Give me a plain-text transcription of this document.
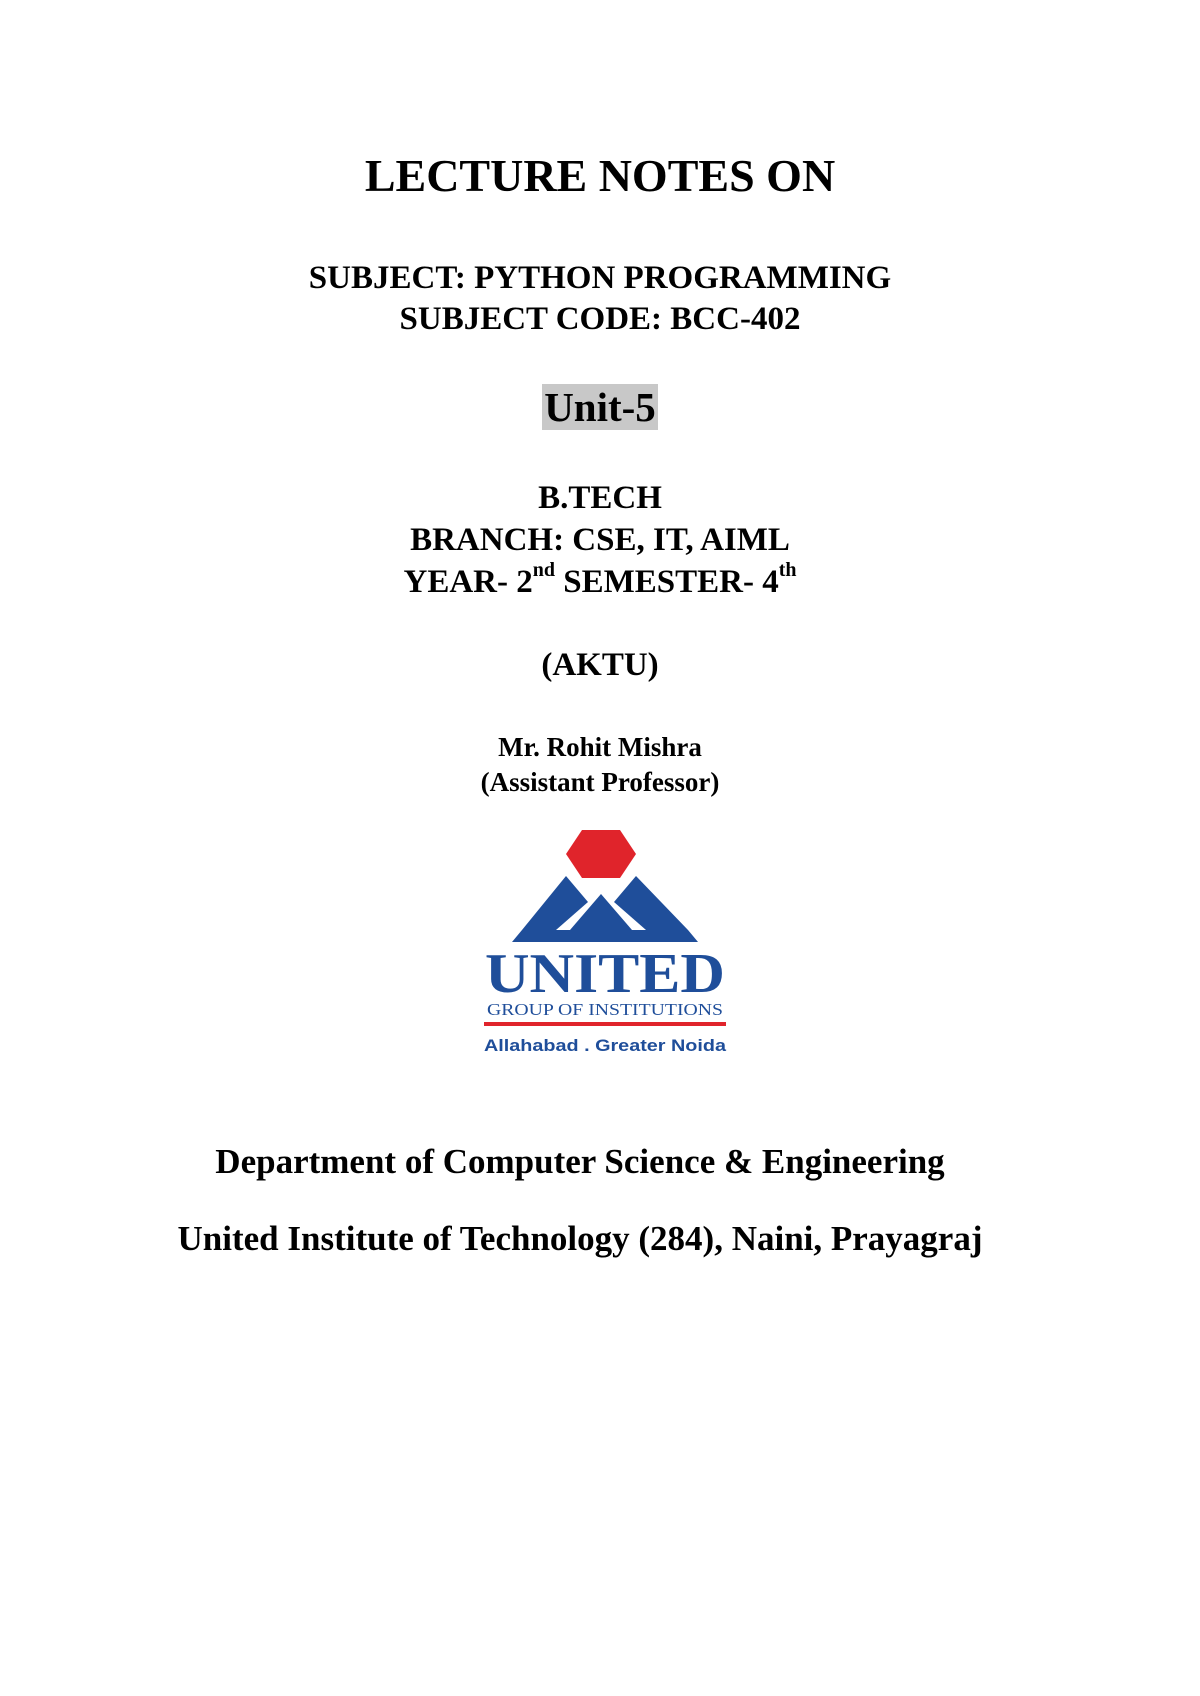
LECTURE NOTES ON
SUBJECT: PYTHON PROGRAMMING
SUBJECT CODE: BCC-402
Unit-5
B.TECH
BRANCH: CSE, IT, AIML
YEAR- 2nd SEMESTER- 4th
(AKTU)
Mr. Rohit Mishra
(Assistant Professor)
UNITED
GROUP OF INSTITUTIONS
Allahabad . Greater Noida
Department of Computer Science & Engineering
United Institute of Technology (284), Naini, Prayagraj
